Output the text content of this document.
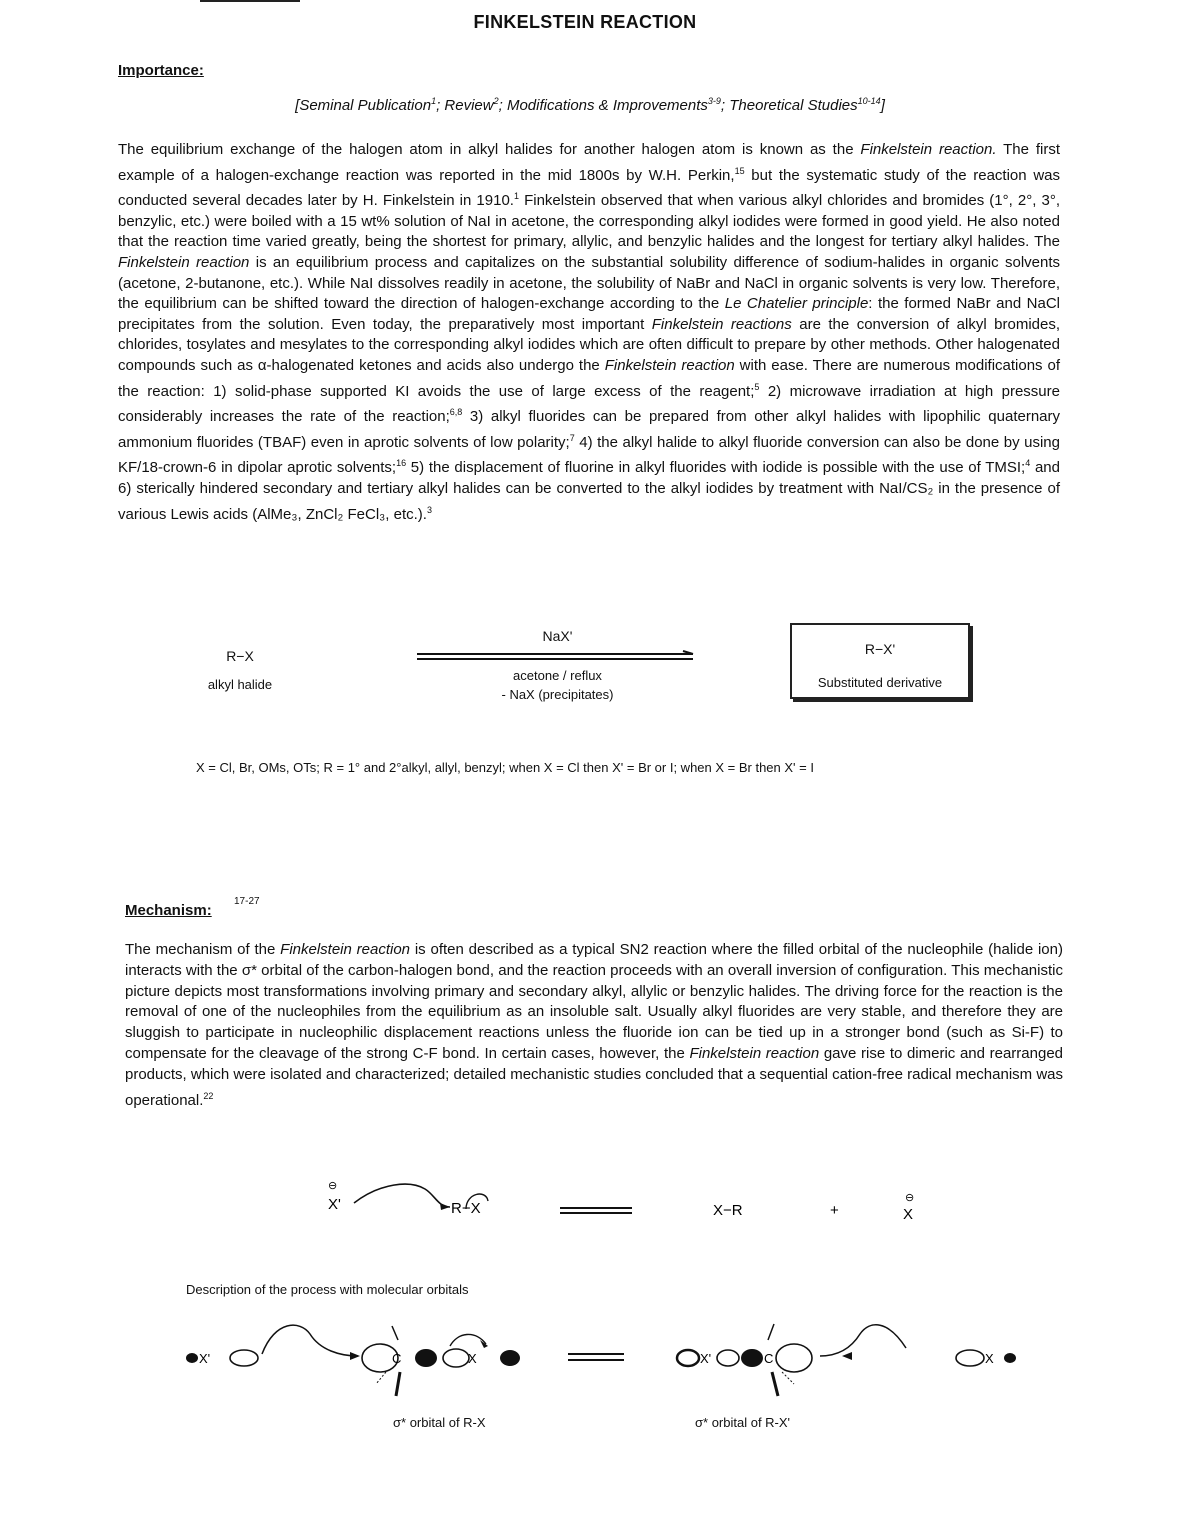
FINKELSTEIN REACTION
Importance:
[Seminal Publication$^1$; Review$^2$; Modifications & Improvements$^{3-9}$; Theoretical Studies$^{10-14}$]
The equilibrium exchange of the halogen atom in alkyl halides for another halogen atom is known as the Finkelstein reaction. The first example of a halogen-exchange reaction was reported in the mid 1800s by W.H. Perkin,$^{15}$ but the systematic study of the reaction was conducted several decades later by H. Finkelstein in 1910.$^1$ Finkelstein observed that when various alkyl chlorides and bromides (1°, 2°, 3°, benzylic, etc.) were boiled with a 15 wt% solution of NaI in acetone, the corresponding alkyl iodides were formed in good yield. He also noted that the reaction time varied greatly, being the shortest for primary, allylic, and benzylic halides and the longest for tertiary alkyl halides. The Finkelstein reaction is an equilibrium process and capitalizes on the substantial solubility difference of sodium-halides in organic solvents (acetone, 2-butanone, etc.). While NaI dissolves readily in acetone, the solubility of NaBr and NaCl in organic solvents is very low. Therefore, the equilibrium can be shifted toward the direction of halogen-exchange according to the Le Chatelier principle: the formed NaBr and NaCl precipitates from the solution. Even today, the preparatively most important Finkelstein reactions are the conversion of alkyl bromides, chlorides, tosylates and mesylates to the corresponding alkyl iodides which are often difficult to prepare by other methods. Other halogenated compounds such as α-halogenated ketones and acids also undergo the Finkelstein reaction with ease. There are numerous modifications of the reaction: 1) solid-phase supported KI avoids the use of large excess of the reagent;$^5$ 2) microwave irradiation at high pressure considerably increases the rate of the reaction;$^{6,8}$ 3) alkyl fluorides can be prepared from other alkyl halides with lipophilic quaternary ammonium fluorides (TBAF) even in aprotic solvents of low polarity;$^7$ 4) the alkyl halide to alkyl fluoride conversion can also be done by using KF/18-crown-6 in dipolar aprotic solvents;$^{16}$ 5) the displacement of fluorine in alkyl fluorides with iodide is possible with the use of TMSI;$^4$ and 6) sterically hindered secondary and tertiary alkyl halides can be converted to the alkyl iodides by treatment with NaI/CS₂ in the presence of various Lewis acids (AlMe₃, ZnCl₂ FeCl₃, etc.).$^3$
R−X
alkyl halide
NaX'
acetone / reflux
- NaX (precipitates)
R−X'
Substituted derivative
X = Cl, Br, OMs, OTs; R = 1° and 2°alkyl, allyl, benzyl; when X = Cl then X' = Br or I; when X = Br then X' = I
Mechanism:
17-27
The mechanism of the Finkelstein reaction is often described as a typical SN2 reaction where the filled orbital of the nucleophile (halide ion) interacts with the σ* orbital of the carbon-halogen bond, and the reaction proceeds with an overall inversion of configuration. This mechanistic picture depicts most transformations involving primary and secondary alkyl, allylic or benzylic halides. The driving force for the reaction is the removal of one of the nucleophiles from the equilibrium as an insoluble salt. Usually alkyl fluorides are very stable, and therefore they are sluggish to participate in nucleophilic displacement reactions unless the fluoride ion can be tied up in a stronger bond (such as Si-F) to compensate for the cleavage of the strong C-F bond. In certain cases, however, the Finkelstein reaction gave rise to dimeric and rearranged products, which were isolated and characterized; detailed mechanistic studies concluded that a sequential cation-free radical mechanism was operational.$^{22}$
⊖
X'	R−X	X−R	+
⊖
X
Description of the process with molecular orbitals
X'	C	X	X'	C	X
σ* orbital of R-X	σ* orbital of R-X'
